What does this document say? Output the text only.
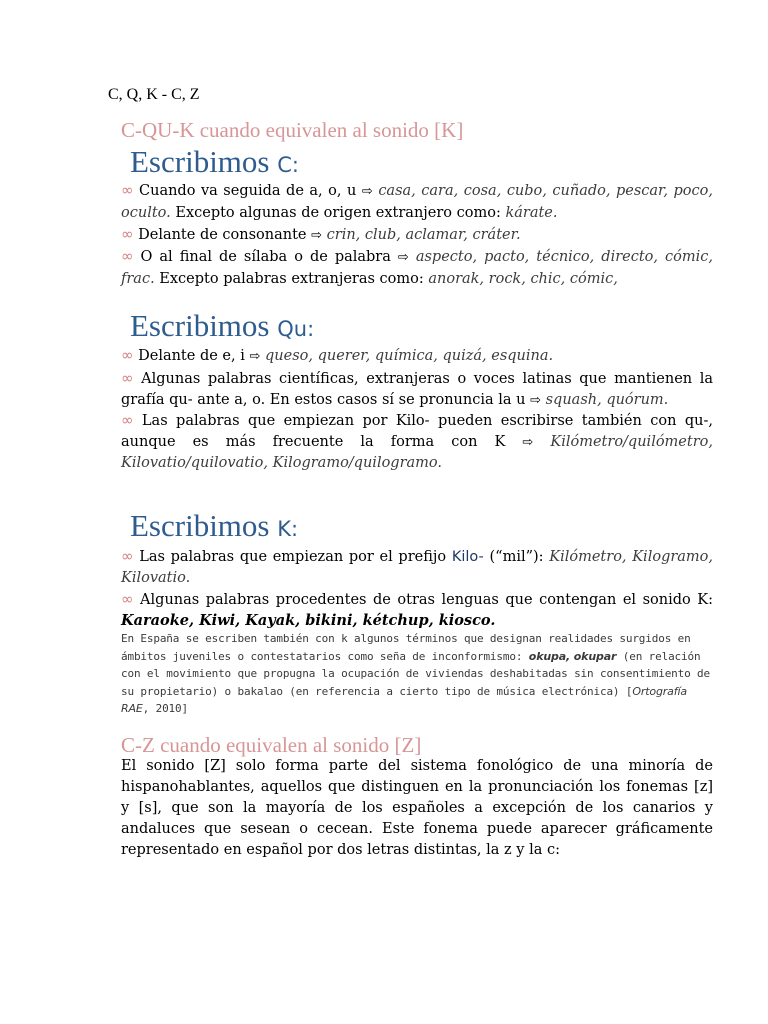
C, Q, K - C, Z
C-QU-K cuando equivalen al sonido [K]
Escribimos C:
∞ Cuando va seguida de a, o, u ⇨ casa, cara, cosa, cubo, cuñado, pescar, poco, oculto. Excepto algunas de origen extranjero como: kárate.
∞ Delante de consonante ⇨ crin, club, aclamar, cráter.
∞ O al final de sílaba o de palabra ⇨ aspecto, pacto, técnico, directo, cómic, frac. Excepto palabras extranjeras como: anorak, rock, chic, cómic,
Escribimos Qu:
∞ Delante de e, i ⇨ queso, querer, química, quizá, esquina.
∞ Algunas palabras científicas, extranjeras o voces latinas que mantienen la grafía qu- ante a, o. En estos casos sí se pronuncia la u ⇨ squash, quórum.
∞ Las palabras que empiezan por Kilo- pueden escribirse también con qu-, aunque es más frecuente la forma con K ⇨ Kilómetro/quilómetro, Kilovatio/quilovatio, Kilogramo/quilogramo.
Escribimos K:
∞ Las palabras que empiezan por el prefijo Kilo- (“mil”): Kilómetro, Kilogramo, Kilovatio.
∞ Algunas palabras procedentes de otras lenguas que contengan el sonido K: Karaoke, Kiwi, Kayak, bikini, kétchup, kiosco.
En España se escriben también con k algunos términos que designan realidades surgidos en ámbitos juveniles o contestatarios como seña de inconformismo: okupa, okupar (en relación con el movimiento que propugna la ocupación de viviendas deshabitadas sin consentimiento de su propietario) o bakalao (en referencia a cierto tipo de música electrónica) [Ortografía RAE, 2010]
C-Z cuando equivalen al sonido [Z]
El sonido [Z] solo forma parte del sistema fonológico de una minoría de hispanohablantes, aquellos que distinguen en la pronunciación los fonemas [z] y [s], que son la mayoría de los españoles a excepción de los canarios y andaluces que sesean o cecean. Este fonema puede aparecer gráficamente representado en español por dos letras distintas, la z y la c:
